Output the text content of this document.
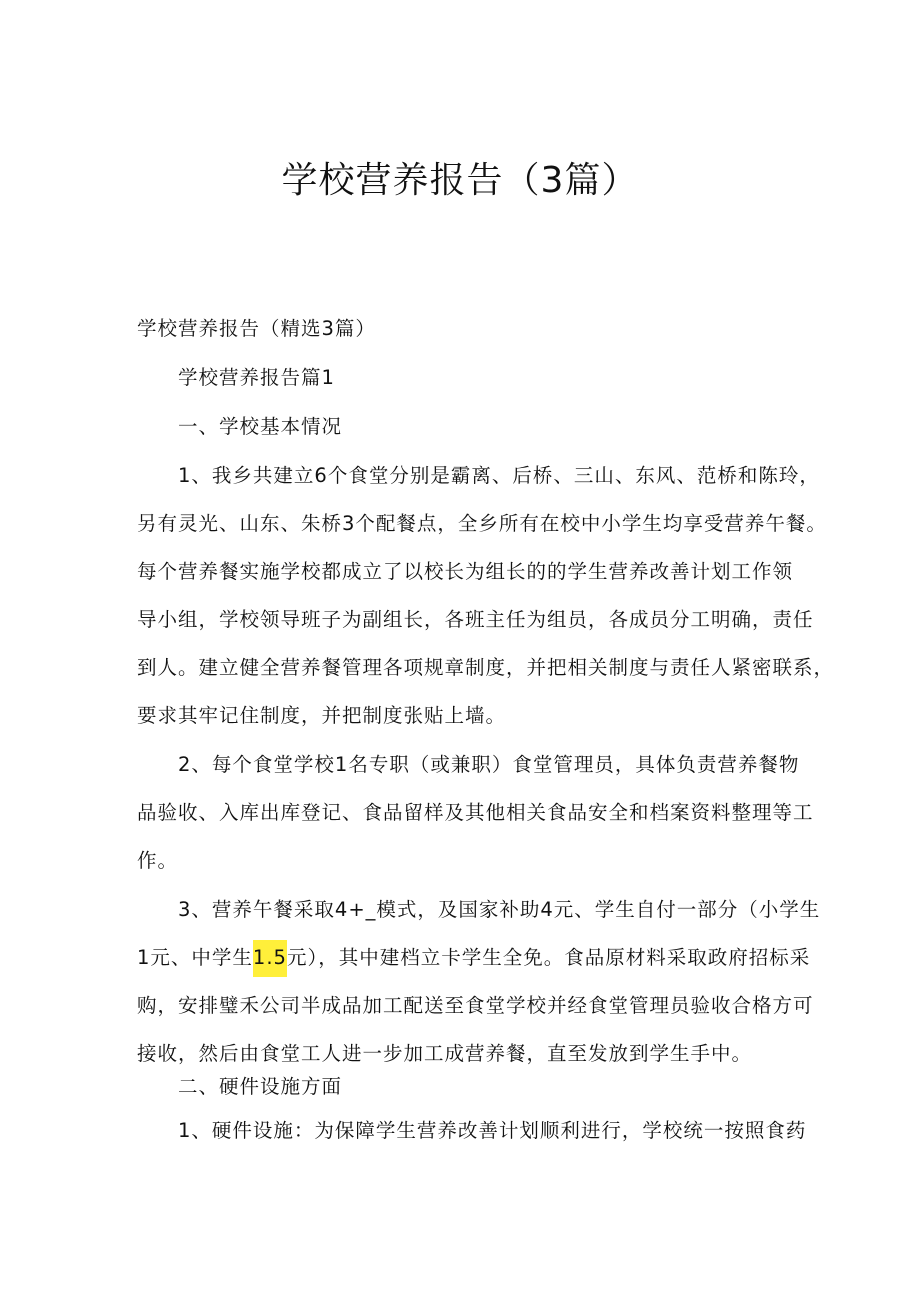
学校营养报告（3篇）
学校营养报告（精选3篇）
学校营养报告篇1
一、学校基本情况
1、我乡共建立6个食堂分别是霸离、后桥、三山、东风、范桥和陈玲，
另有灵光、山东、朱桥3个配餐点，全乡所有在校中小学生均享受营养午餐。
每个营养餐实施学校都成立了以校长为组长的的学生营养改善计划工作领
导小组，学校领导班子为副组长，各班主任为组员，各成员分工明确，责任
到人。建立健全营养餐管理各项规章制度，并把相关制度与责任人紧密联系，
要求其牢记住制度，并把制度张贴上墙。
2、每个食堂学校1名专职（或兼职）食堂管理员，具体负责营养餐物
品验收、入库出库登记、食品留样及其他相关食品安全和档案资料整理等工
作。
3、营养午餐采取4+_模式，及国家补助4元、学生自付一部分（小学生
1元、中学生1.5元），其中建档立卡学生全免。食品原材料采取政府招标采
购，安排璧禾公司半成品加工配送至食堂学校并经食堂管理员验收合格方可
接收，然后由食堂工人进一步加工成营养餐，直至发放到学生手中。
二、硬件设施方面
1、硬件设施：为保障学生营养改善计划顺利进行，学校统一按照食药
